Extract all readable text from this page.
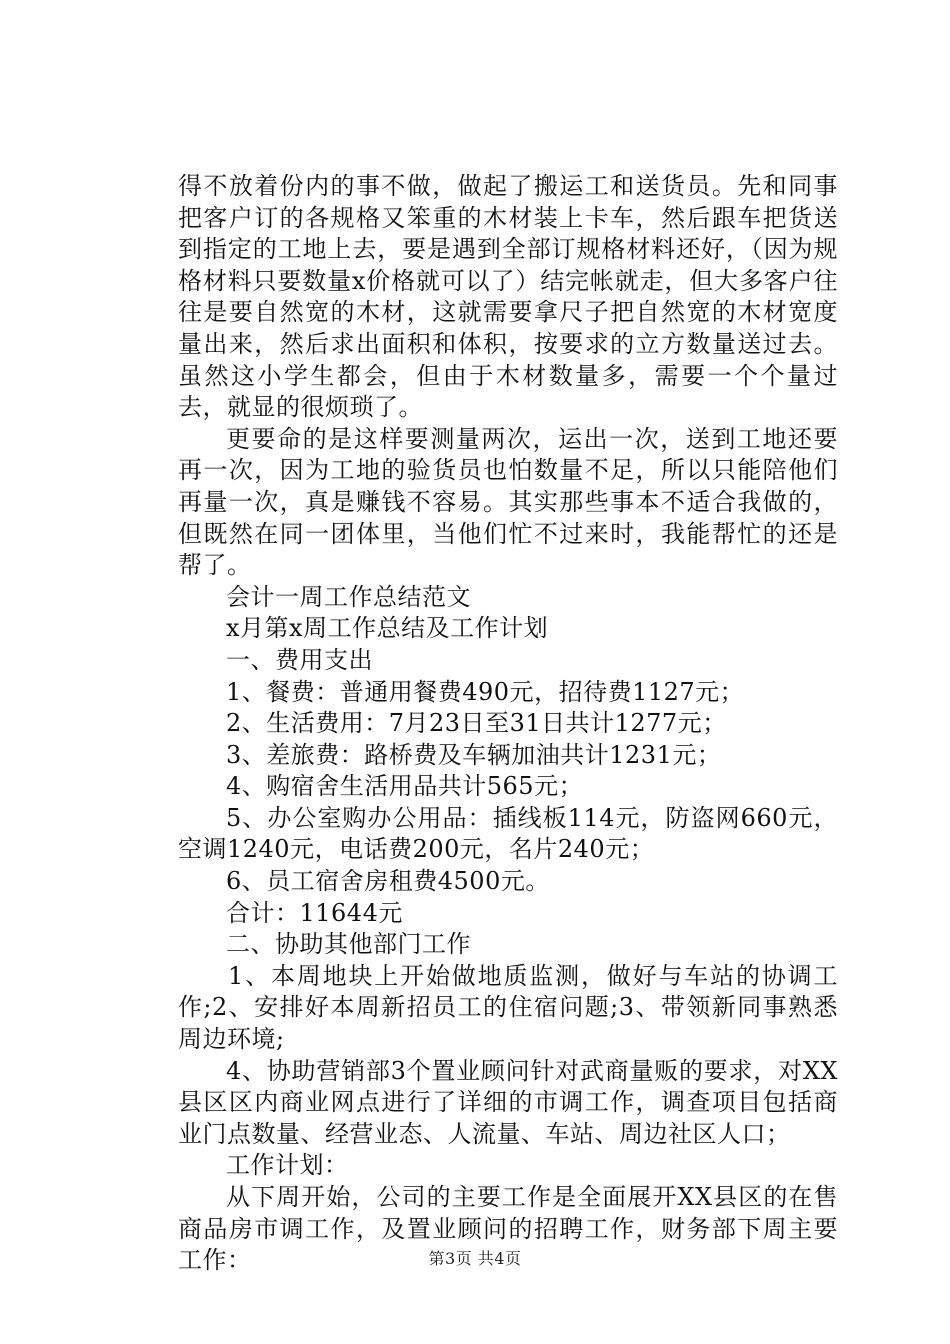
得不放着份内的事不做，做起了搬运工和送货员。先和同事把客户订的各规格又笨重的木材装上卡车，然后跟车把货送到指定的工地上去，要是遇到全部订规格材料还好，（因为规格材料只要数量x价格就可以了）结完帐就走，但大多客户往往是要自然宽的木材，这就需要拿尺子把自然宽的木材宽度量出来，然后求出面积和体积，按要求的立方数量送过去。虽然这小学生都会，但由于木材数量多，需要一个个量过去，就显的很烦琐了。

更要命的是这样要测量两次，运出一次，送到工地还要再一次，因为工地的验货员也怕数量不足，所以只能陪他们再量一次，真是赚钱不容易。其实那些事本不适合我做的，但既然在同一团体里，当他们忙不过来时，我能帮忙的还是帮了。

会计一周工作总结范文

x月第x周工作总结及工作计划

一、费用支出

1、餐费：普通用餐费490元，招待费1127元；

2、生活费用：7月23日至31日共计1277元；

3、差旅费：路桥费及车辆加油共计1231元；

4、购宿舍生活用品共计565元；

5、办公室购办公用品：插线板114元，防盗网660元，空调1240元，电话费200元，名片240元；

6、员工宿舍房租费4500元。

合计：11644元

二、协助其他部门工作

1、本周地块上开始做地质监测，做好与车站的协调工作;2、安排好本周新招员工的住宿问题;3、带领新同事熟悉周边环境;

4、协助营销部3个置业顾问针对武商量贩的要求，对XX县区区内商业网点进行了详细的市调工作，调查项目包括商业门点数量、经营业态、人流量、车站、周边社区人口；

工作计划：

从下周开始，公司的主要工作是全面展开XX县区的在售商品房市调工作，及置业顾问的招聘工作，财务部下周主要工作：	第3页 共4页
